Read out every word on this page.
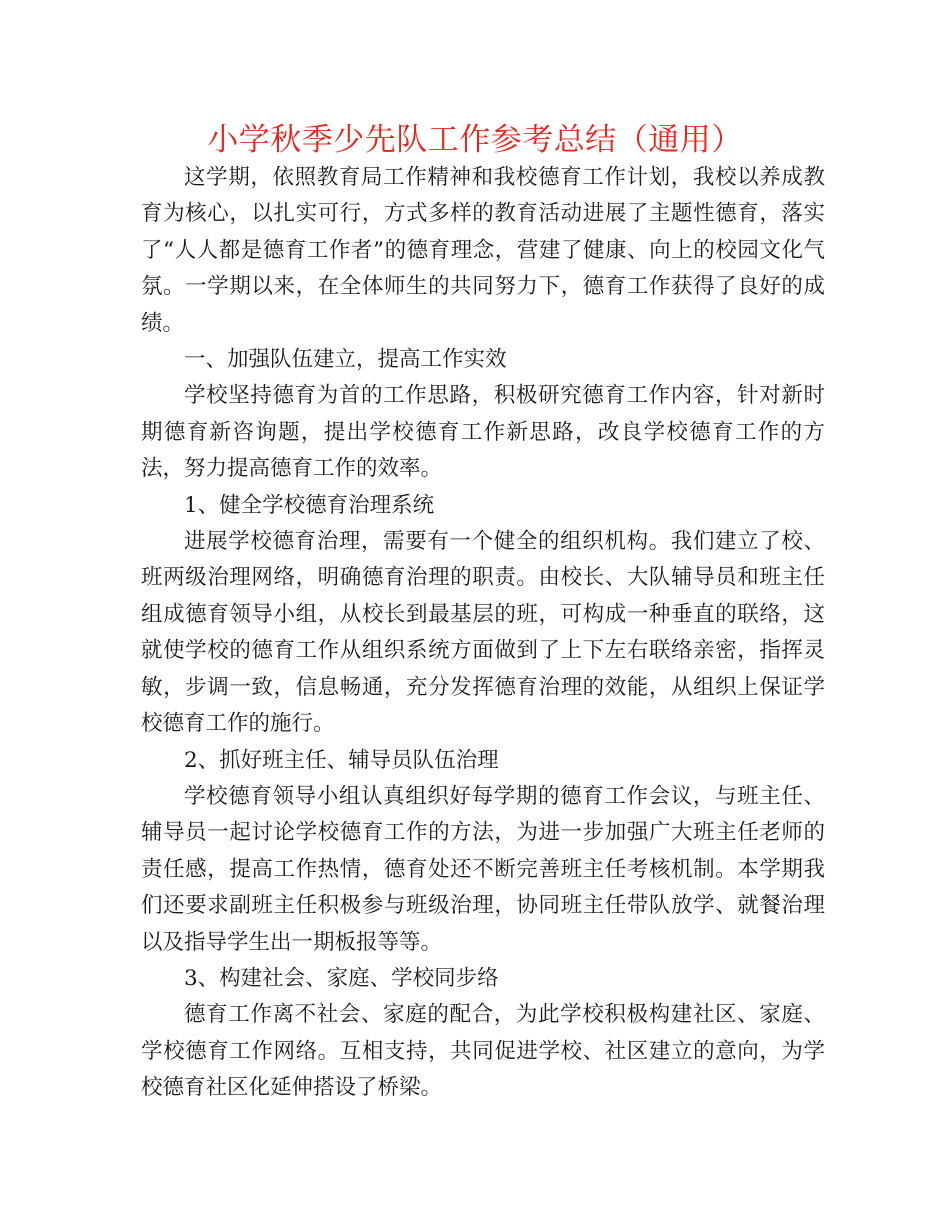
小学秋季少先队工作参考总结（通用）

这学期，依照教育局工作精神和我校德育工作计划，我校以养成教育为核心，以扎实可行，方式多样的教育活动进展了主题性德育，落实了“人人都是德育工作者”的德育理念，营建了健康、向上的校园文化气氛。一学期以来，在全体师生的共同努力下，德育工作获得了良好的成绩。

一、加强队伍建立，提高工作实效

学校坚持德育为首的工作思路，积极研究德育工作内容，针对新时期德育新咨询题，提出学校德育工作新思路，改良学校德育工作的方法，努力提高德育工作的效率。

1、健全学校德育治理系统

进展学校德育治理，需要有一个健全的组织机构。我们建立了校、班两级治理网络，明确德育治理的职责。由校长、大队辅导员和班主任组成德育领导小组，从校长到最基层的班，可构成一种垂直的联络，这就使学校的德育工作从组织系统方面做到了上下左右联络亲密，指挥灵敏，步调一致，信息畅通，充分发挥德育治理的效能，从组织上保证学校德育工作的施行。

2、抓好班主任、辅导员队伍治理

学校德育领导小组认真组织好每学期的德育工作会议，与班主任、辅导员一起讨论学校德育工作的方法，为进一步加强广大班主任老师的责任感，提高工作热情，德育处还不断完善班主任考核机制。本学期我们还要求副班主任积极参与班级治理，协同班主任带队放学、就餐治理以及指导学生出一期板报等等。

3、构建社会、家庭、学校同步络

德育工作离不社会、家庭的配合，为此学校积极构建社区、家庭、学校德育工作网络。互相支持，共同促进学校、社区建立的意向，为学校德育社区化延伸搭设了桥梁。
